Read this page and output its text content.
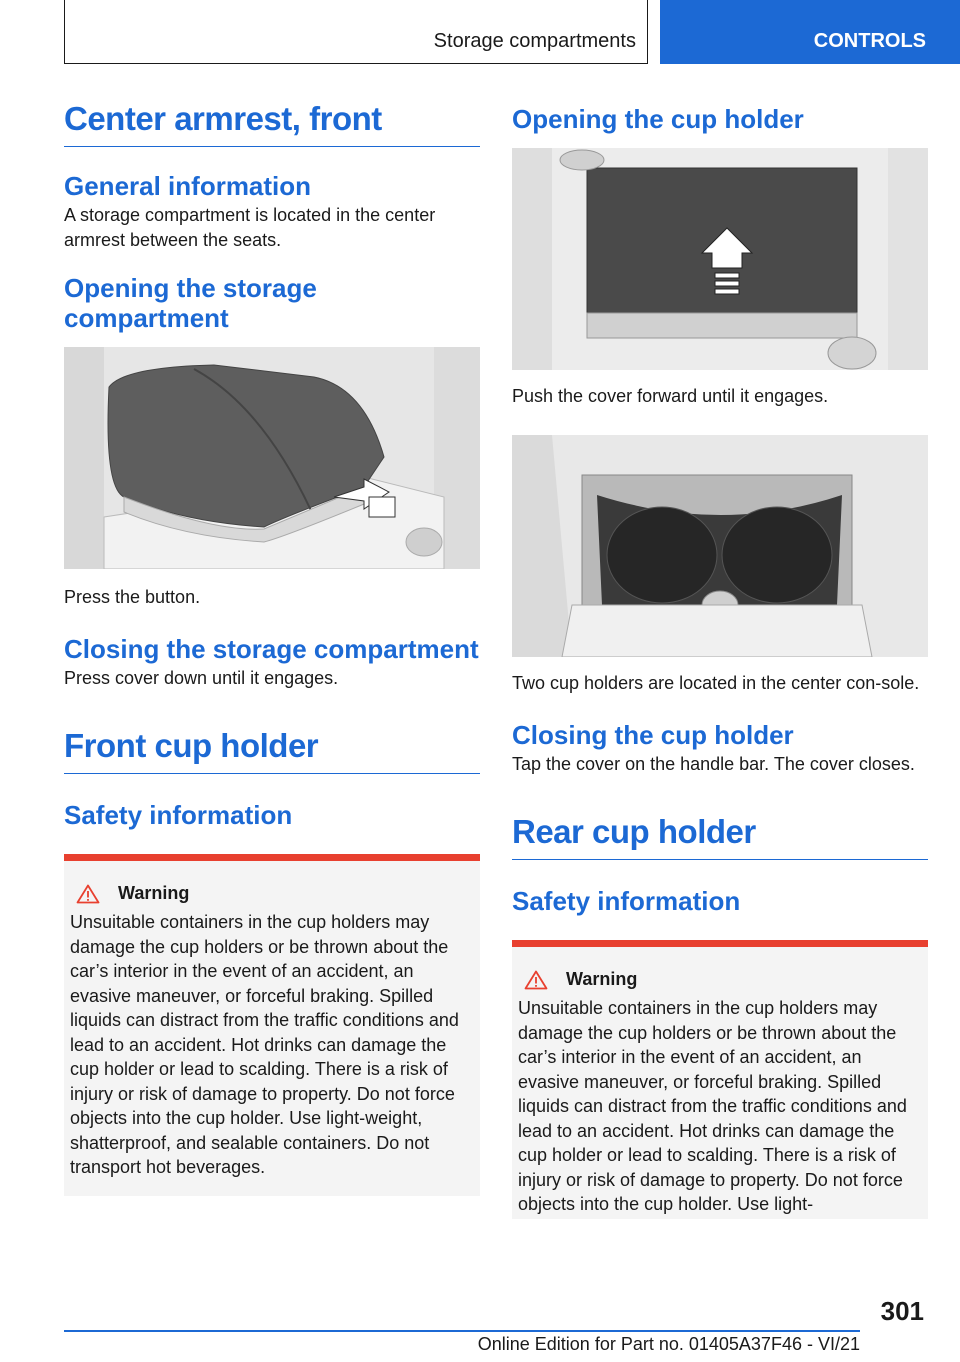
Storage compartments	CONTROLS
Center armrest, front
General information

A storage compartment is located in the center armrest between the seats.

Opening the storage compartment

Press the button.

Closing the storage compartment

Press cover down until it engages.

Front cup holder
Safety information
Warning

Unsuitable containers in the cup holders may damage the cup holders or be thrown about the car’s interior in the event of an accident, an evasive maneuver, or forceful braking. Spilled liquids can distract from the traffic conditions and lead to an accident. Hot drinks can damage the cup holder or lead to scalding. There is a risk of injury or risk of damage to property. Do not force objects into the cup holder. Use light-weight, shatterproof, and sealable containers. Do not transport hot beverages.

Opening the cup holder

Push the cover forward until it engages.

Two cup holders are located in the center con-sole.

Closing the cup holder

Tap the cover on the handle bar. The cover closes.

Rear cup holder
Safety information
Warning

Unsuitable containers in the cup holders may damage the cup holders or be thrown about the car’s interior in the event of an accident, an evasive maneuver, or forceful braking. Spilled liquids can distract from the traffic conditions and lead to an accident. Hot drinks can damage the cup holder or lead to scalding. There is a risk of injury or risk of damage to property. Do not force objects into the cup holder. Use light-

301
Online Edition for Part no. 01405A37F46 - VI/21
